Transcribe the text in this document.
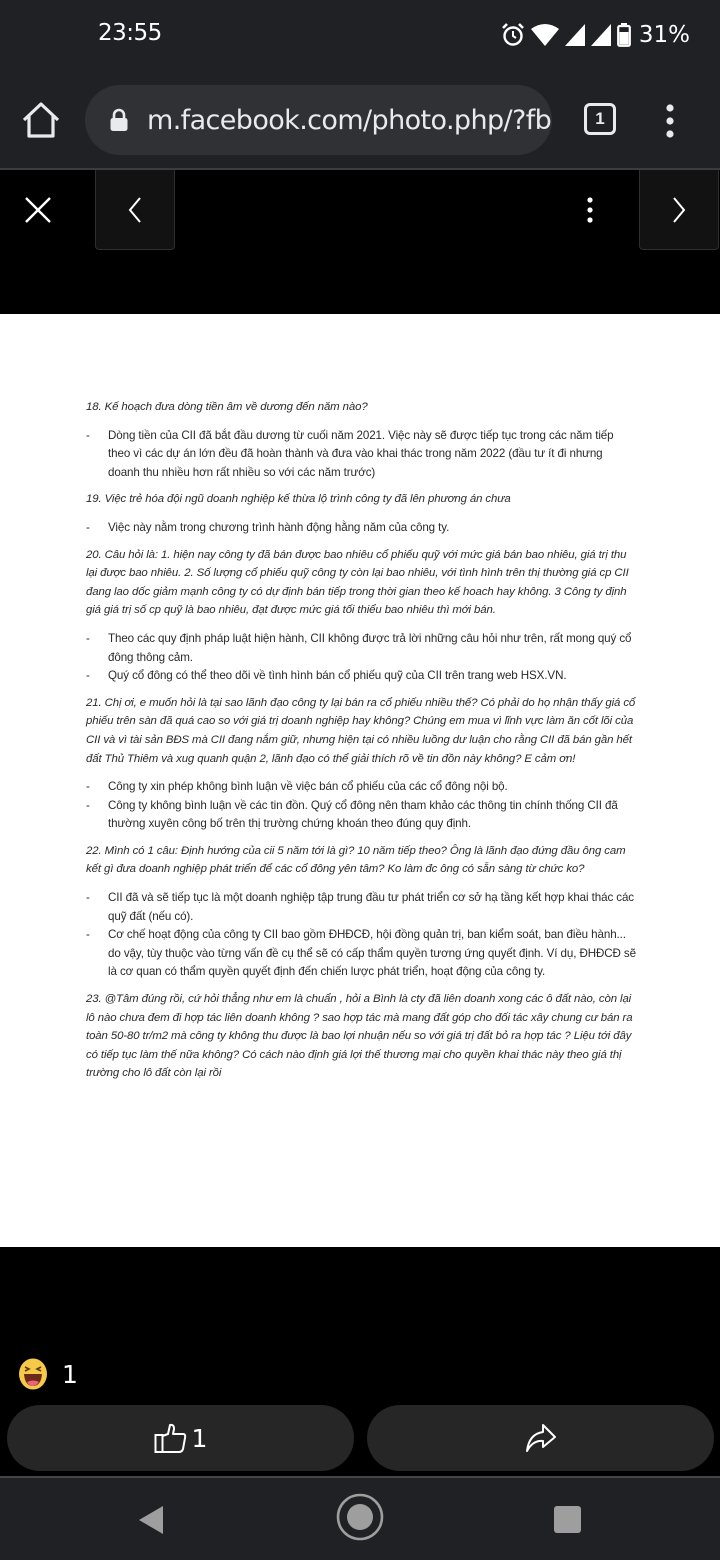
23:55	31%
m.facebook.com/photo.php/?fb	1

18. Kế hoạch đưa dòng tiền âm về dương đến năm nào?

- Dòng tiền của CII đã bắt đầu dương từ cuối năm 2021. Việc này sẽ được tiếp tục trong các năm tiếp theo vì các dự án lớn đều đã hoàn thành và đưa vào khai thác trong năm 2022 (đầu tư ít đi nhưng doanh thu nhiều hơn rất nhiều so với các năm trước)

19. Việc trẻ hóa đội ngũ doanh nghiệp kế thừa lộ trình công ty đã lên phương án chưa

- Việc này nằm trong chương trình hành động hằng năm của công ty.

20. Câu hỏi là: 1. hiện nay công ty đã bán được bao nhiêu cổ phiếu quỹ với mức giá bán bao nhiêu, giá trị thu lại được bao nhiêu. 2. Số lượng cổ phiếu quỹ công ty còn lại bao nhiêu, với tình hình trên thị thường giá cp CII đang lao dốc giảm mạnh công ty có dự định bán tiếp trong thời gian theo kế hoach hay không. 3 Công ty định giá giá trị số cp quỹ là bao nhiêu, đạt được mức giá tối thiểu bao nhiêu thì mới bán.

- Theo các quy định pháp luật hiện hành, CII không được trả lời những câu hỏi như trên, rất mong quý cổ đông thông cảm.
- Quý cổ đông có thể theo dõi về tình hình bán cổ phiếu quỹ của CII trên trang web HSX.VN.

21. Chị ơi, e muốn hỏi là tại sao lãnh đạo công ty lại bán ra cổ phiếu nhiều thế? Có phải do họ nhận thấy giá cổ phiếu trên sàn đã quá cao so với giá trị doanh nghiệp hay không? Chúng em mua vì lĩnh vực làm ăn cốt lõi của CII và vì tài sản BĐS mà CII đang nắm giữ, nhưng hiện tại có nhiều luồng dư luận cho rằng CII đã bán gần hết đất Thủ Thiêm và xug quanh quận 2, lãnh đạo có thể giải thích rõ về tin đồn này không? E cảm ơn!

- Công ty xin phép không bình luận về việc bán cổ phiếu của các cổ đông nội bộ.
- Công ty không bình luận về các tin đồn. Quý cổ đông nên tham khảo các thông tin chính thống CII đã thường xuyên công bố trên thị trường chứng khoán theo đúng quy định.

22. Mình có 1 câu: Định hướng của cii 5 năm tới là gì? 10 năm tiếp theo? Ông là lãnh đạo đứng đầu ông cam kết gì đưa doanh nghiệp phát triển để các cổ đông yên tâm? Ko làm đc ông có sẵn sàng từ chức ko?

- CII đã và sẽ tiếp tục là một doanh nghiệp tập trung đầu tư phát triển cơ sở hạ tầng kết hợp khai thác các quỹ đất (nếu có).
- Cơ chế hoạt động của công ty CII bao gồm ĐHĐCĐ, hội đồng quản trị, ban kiểm soát, ban điều hành... do vậy, tùy thuộc vào từng vấn đề cụ thể sẽ có cấp thẩm quyền tương ứng quyết định. Ví dụ, ĐHĐCĐ sẽ là cơ quan có thẩm quyền quyết định đến chiến lược phát triển, hoạt động của công ty.

23. @Tâm đúng rồi, cứ hỏi thẳng như em là chuẩn , hỏi a Bình là cty đã liên doanh xong các ô đất nào, còn lại lô nào chưa đem đi hợp tác liên doanh không ? sao hợp tác mà mang đất góp cho đối tác xây chung cư bán ra toàn 50-80 tr/m2 mà công ty không thu được là bao lợi nhuận nếu so với giá trị đất bỏ ra hợp tác ? Liệu tới đây có tiếp tục làm thế nữa không? Có cách nào định giá lợi thế thương mại cho quyền khai thác này theo giá thị trường cho lô đất còn lại rồi

1
1
